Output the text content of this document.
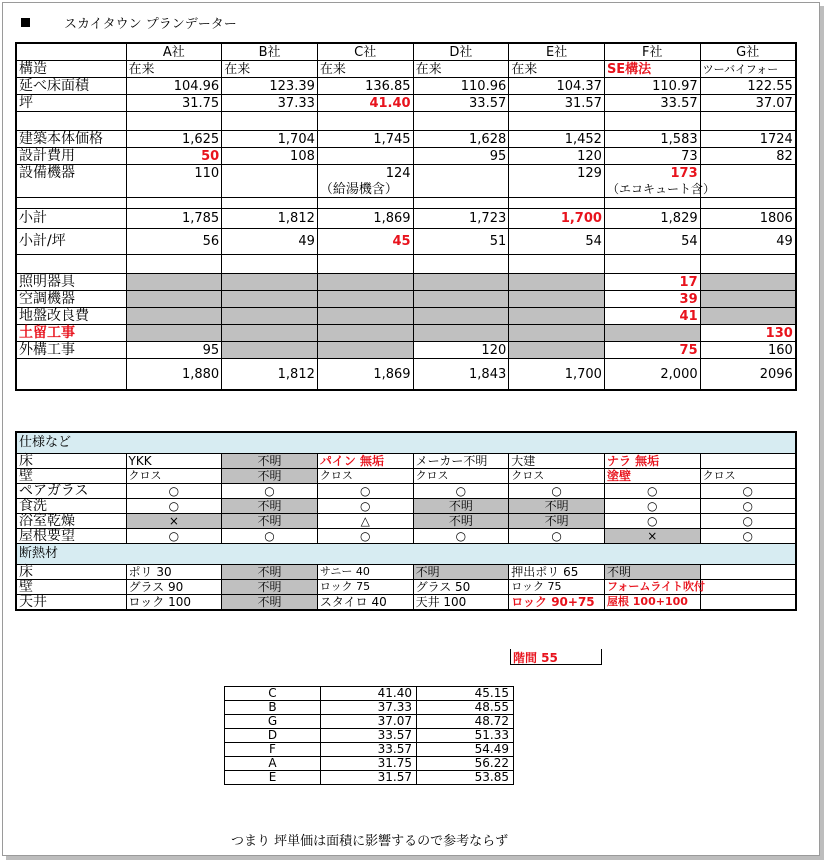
スカイタウン プランデーター
	A社	B社	C社	D社	E社	F社	G社
構造	在来	在来	在来	在来	在来	SE構法	ツーバイフォー
延べ床面積	104.96	123.39	136.85	110.96	104.37	110.97	122.55
坪	31.75	37.33	41.40	33.57	31.57	33.57	37.07

建築本体価格	1,625	1,704	1,745	1,628	1,452	1,583	1724
設計費用	50	108		95	120	73	82
設備機器	110		124		129	173	
			（給湯機含）			（エコキュート含）	

小計	1,785	1,812	1,869	1,723	1,700	1,829	1806
小計/坪	56	49	45	51	54	54	49

照明器具						17	
空調機器						39	
地盤改良費						41	
土留工事							130
外構工事	95			120		75	160
	1,880	1,812	1,869	1,843	1,700	2,000	2096
仕様など							
床	YKK	不明	パイン 無垢	メーカー不明	大建	ナラ 無垢	
壁	クロス	不明	クロス	クロス	クロス	塗壁	クロス
ペアガラス	○	○	○	○	○	○	○
食洗	○	不明	○	不明	不明	○	○
浴室乾燥	×	不明	△	不明	不明	○	○
屋根要望	○	○	○	○	○	×	○
断熱材							
床	ポリ 30	不明	サニー 40	不明	押出ポリ 65	不明	
壁	グラス 90	不明	ロック 75	グラス 50	ロック 75	フォームライト吹付	
天井	ロック 100	不明	スタイロ 40	天井 100	ロック 90+75	屋根 100+100	
階間 55
C	41.40	45.15
B	37.33	48.55
G	37.07	48.72
D	33.57	51.33
F	33.57	54.49
A	31.75	56.22
E	31.57	53.85
つまり 坪単価は面積に影響するので参考ならず
